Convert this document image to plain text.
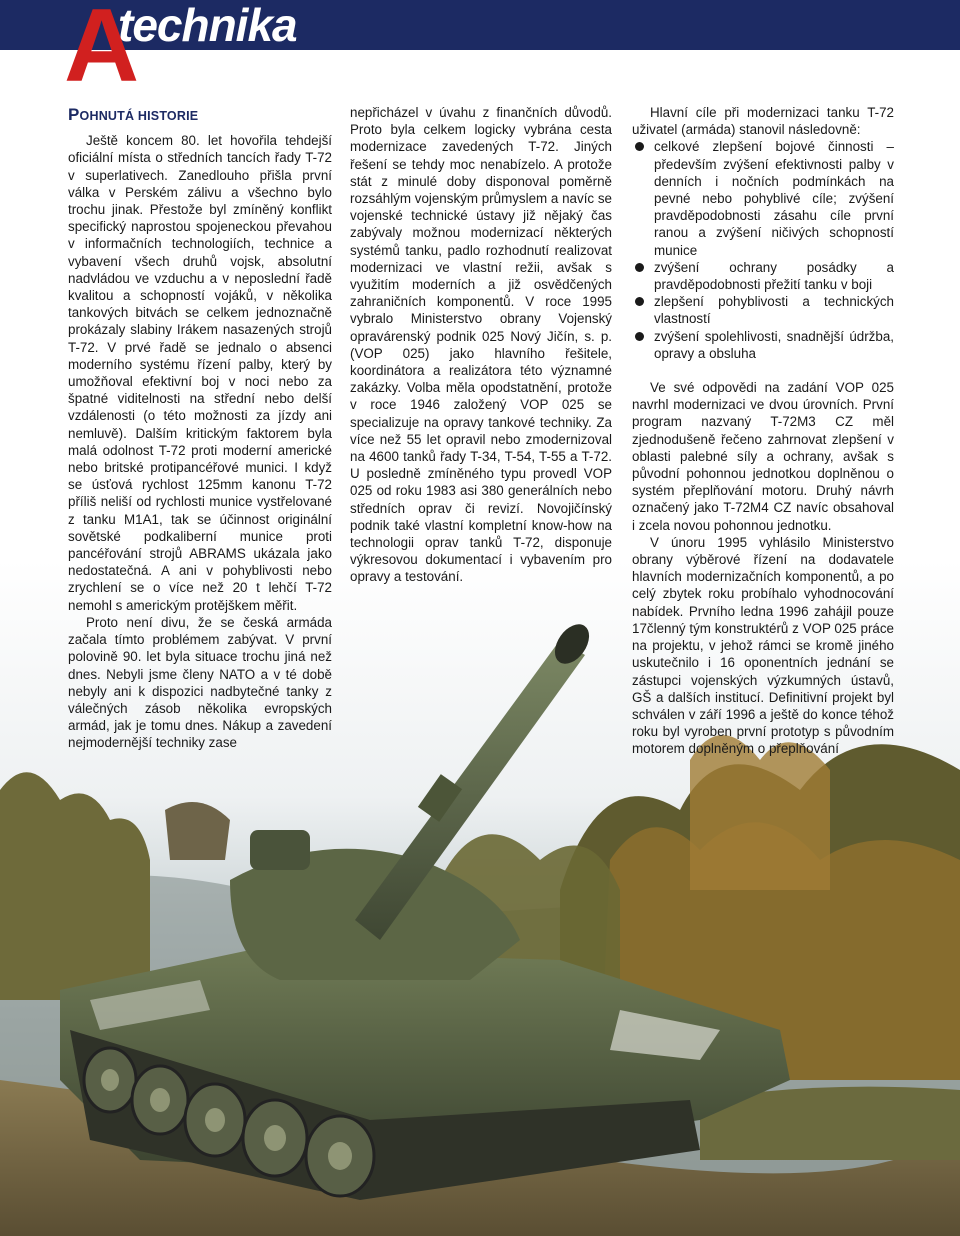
A
technika
POHNUTÁ HISTORIE

Ještě koncem 80. let hovořila tehdejší oficiální místa o středních tancích řady T-72 v superlativech. Zanedlouho přišla první válka v Perském zálivu a všechno bylo trochu jinak. Přestože byl zmíněný konflikt specifický naprostou spojeneckou převahou v informačních technologiích, technice a vybavení všech druhů vojsk, absolutní nadvládou ve vzduchu a v neposlední řadě kvalitou a schopností vojáků, v několika tankových bitvách se celkem jednoznačně prokázaly slabiny Irákem nasazených strojů T-72. V prvé řadě se jednalo o absenci moderního systému řízení palby, který by umožňoval efektivní boj v noci nebo za špatné viditelnosti na střední nebo delší vzdálenosti (o této možnosti za jízdy ani nemluvě). Dalším kritickým faktorem byla malá odolnost T-72 proti moderní americké nebo britské protipancéřové munici. I když se úsťová rychlost 125mm kanonu T-72 příliš neliší od rychlosti munice vystřelované z tanku M1A1, tak se účinnost originální sovětské podkaliberní munice proti pancéřování strojů ABRAMS ukázala jako nedostatečná. A ani v pohyblivosti nebo zrychlení se o více než 20 t lehčí T-72 nemohl s americkým protějškem měřit.

Proto není divu, že se česká armáda začala tímto problémem zabývat. V první polovině 90. let byla situace trochu jiná než dnes. Nebyli jsme členy NATO a v té době nebyly ani k dispozici nadbytečné tanky z válečných zásob několika evropských armád, jak je tomu dnes. Nákup a zavedení nejmodernější techniky zase

nepřicházel v úvahu z finančních důvodů. Proto byla celkem logicky vybrána cesta modernizace zavedených T-72. Jiných řešení se tehdy moc nenabízelo. A protože stát z minulé doby disponoval poměrně rozsáhlým vojenským průmyslem a navíc se vojenské technické ústavy již nějaký čas zabývaly možnou modernizací některých systémů tanku, padlo rozhodnutí realizovat modernizaci ve vlastní režii, avšak s využitím moderních a již osvědčených zahraničních komponentů. V roce 1995 vybralo Ministerstvo obrany Vojenský opravárenský podnik 025 Nový Jičín, s. p. (VOP 025) jako hlavního řešitele, koordinátora a realizátora této významné zakázky. Volba měla opodstatnění, protože v roce 1946 založený VOP 025 se specializuje na opravy tankové techniky. Za více než 55 let opravil nebo zmodernizoval na 4600 tanků řady T-34, T-54, T-55 a T-72. U posledně zmíněného typu provedl VOP 025 od roku 1983 asi 380 generálních nebo středních oprav či revizí. Novojičínský podnik také vlastní kompletní know-how na technologii oprav tanků T-72, disponuje výkresovou dokumentací i vybavením pro opravy a testování.

Hlavní cíle při modernizaci tanku T-72 uživatel (armáda) stanovil následovně:

celkové zlepšení bojové činnosti – především zvýšení efektivnosti palby v denních i nočních podmínkách na pevné nebo pohyblivé cíle; zvýšení pravděpodobnosti zásahu cíle první ranou a zvýšení ničivých schopností munice
zvýšení ochrany posádky a pravděpodobnosti přežití tanku v boji
zlepšení pohyblivosti a technických vlastností
zvýšení spolehlivosti, snadnější údržba, opravy a obsluha

Ve své odpovědi na zadání VOP 025 navrhl modernizaci ve dvou úrovních. První program nazvaný T-72M3 CZ měl zjednodušeně řečeno zahrnovat zlepšení v oblasti palebné síly a ochrany, avšak s původní pohonnou jednotkou doplněnou o systém přeplňování motoru. Druhý návrh označený jako T-72M4 CZ navíc obsahoval i zcela novou pohonnou jednotku.

V únoru 1995 vyhlásilo Ministerstvo obrany výběrové řízení na dodavatele hlavních modernizačních komponentů, a po celý zbytek roku probíhalo vyhodnocování nabídek. Prvního ledna 1996 zahájil pouze 17členný tým konstruktérů z VOP 025 práce na projektu, v jehož rámci se kromě jiného uskutečnilo i 16 oponentních jednání se zástupci vojenských výzkumných ústavů, GŠ a dalších institucí. Definitivní projekt byl schválen v září 1996 a ještě do konce téhož roku byl vyroben první prototyp s původním motorem doplněným o přeplňování
